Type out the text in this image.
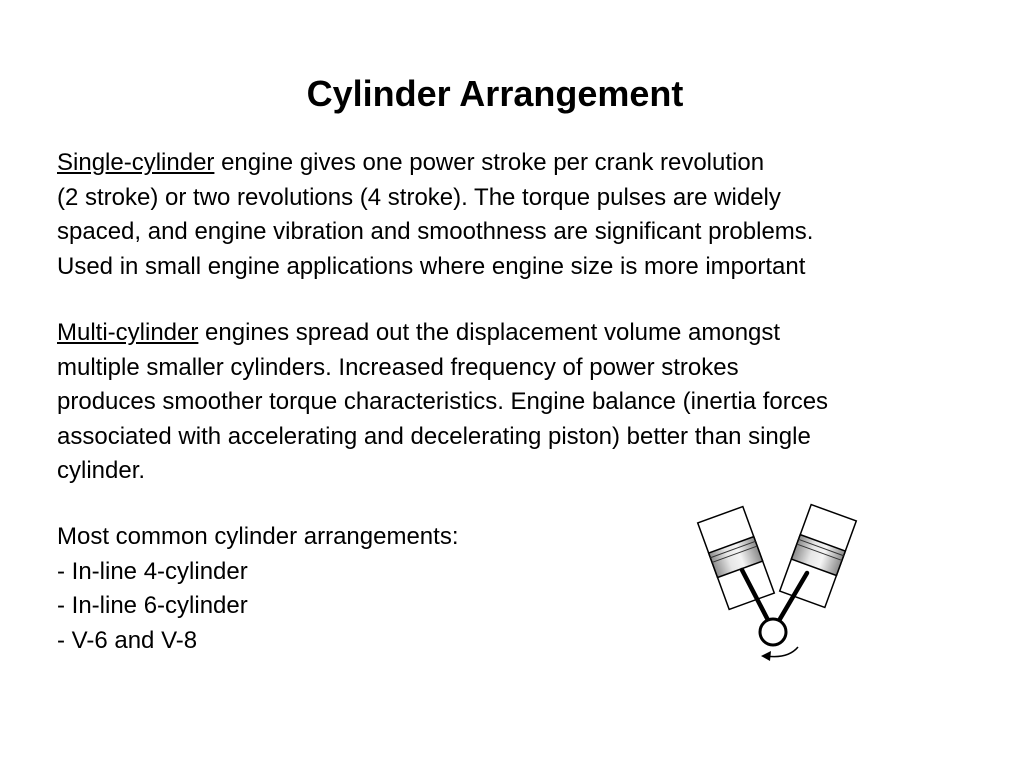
Cylinder Arrangement
Single-cylinder engine gives one power stroke per crank revolution
(2 stroke) or two revolutions (4 stroke). The torque pulses are widely
spaced, and engine vibration and smoothness are significant problems.
Used in small engine applications where engine size is more important
Multi-cylinder engines spread out the displacement volume amongst
multiple smaller cylinders. Increased frequency of power strokes
produces smoother torque characteristics. Engine balance (inertia forces
associated with accelerating and decelerating piston) better than single
cylinder.
Most common cylinder arrangements:
- In-line 4-cylinder
- In-line 6-cylinder
- V-6 and V-8
